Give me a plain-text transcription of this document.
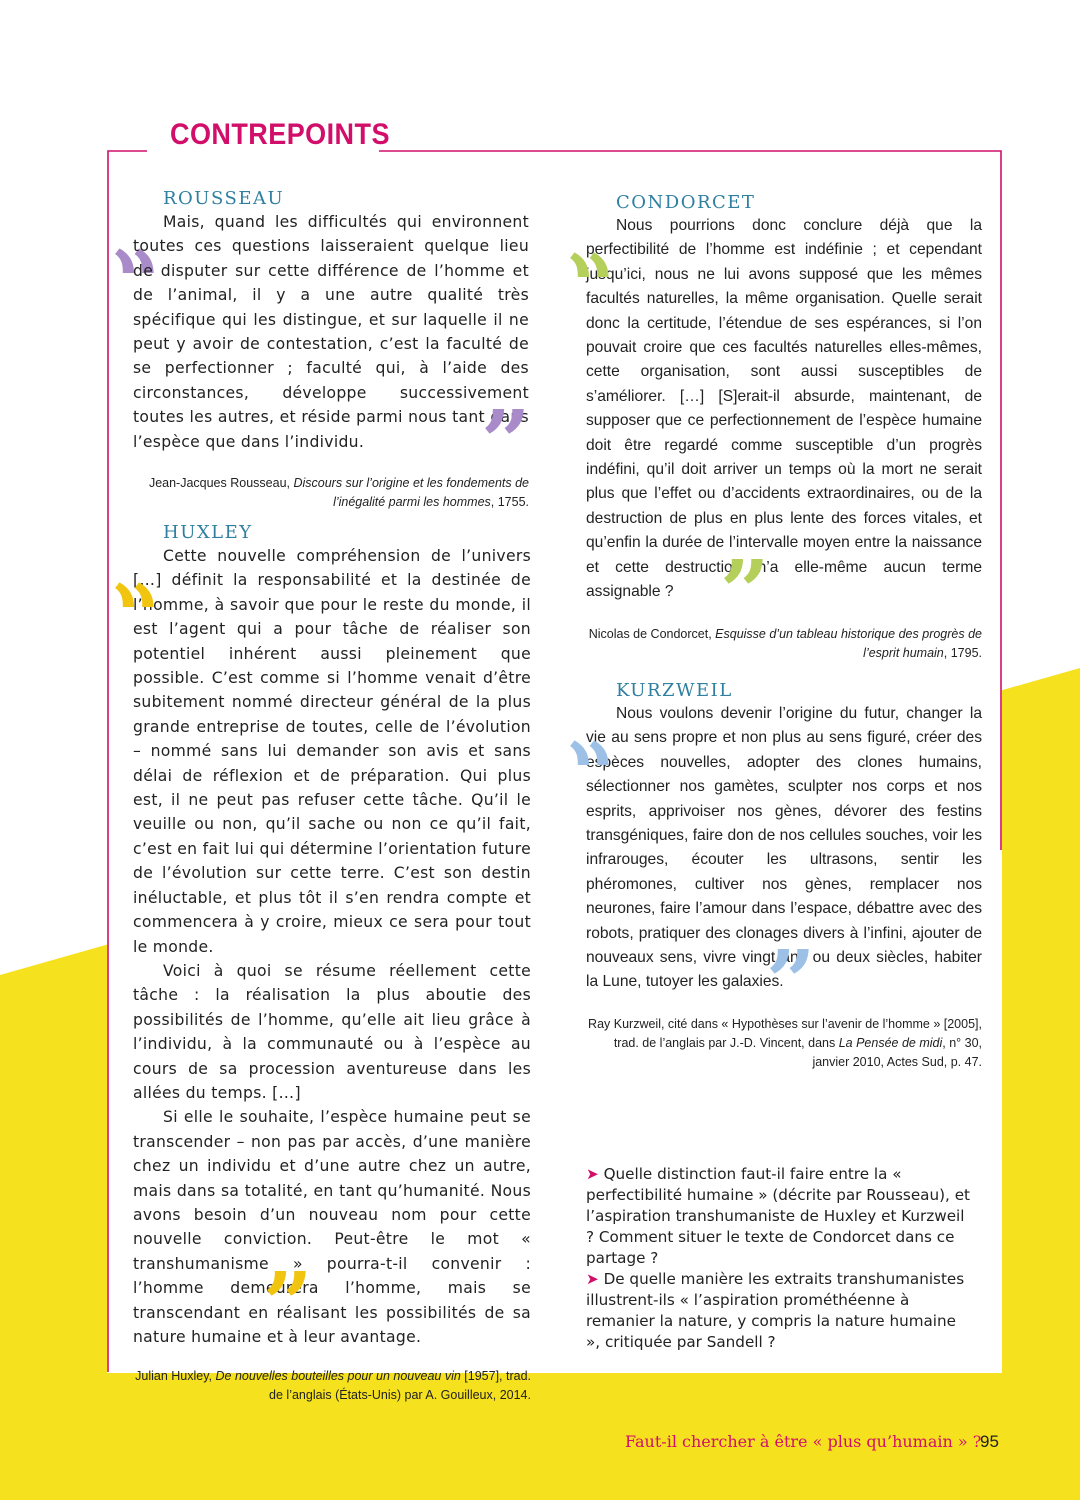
CONTREPOINTS
” ROUSSEAU
Mais, quand les difficultés qui environnent toutes ces questions laisseraient quelque lieu de disputer sur cette différence de l’homme et de l’animal, il y a une autre qualité très spécifique qui les distingue, et sur laquelle il ne peut y avoir de contestation, c’est la faculté de se perfectionner ; faculté qui, à l’aide des circonstances, développe successivement toutes les autres, et réside parmi nous tant dans l’espèce que dans l’individu.	”
Jean-Jacques Rousseau, Discours sur l’origine et les fondements de l’inégalité parmi les hommes, 1755.
” HUXLEY

Cette nouvelle compréhension de l’univers […] définit la responsabilité et la destinée de l’homme, à savoir que pour le reste du monde, il est l’agent qui a pour tâche de réaliser son potentiel inhérent aussi pleinement que possible. C’est comme si l’homme venait d’être subitement nommé directeur général de la plus grande entreprise de toutes, celle de l’évolution – nommé sans lui demander son avis et sans délai de réflexion et de préparation. Qui plus est, il ne peut pas refuser cette tâche. Qu’il le veuille ou non, qu’il sache ou non ce qu’il fait, c’est en fait lui qui détermine l’orientation future de l’évolution sur cette terre. C’est son destin inéluctable, et plus tôt il s’en rendra compte et commencera à y croire, mieux ce sera pour tout le monde.

Voici à quoi se résume réellement cette tâche : la réalisation la plus aboutie des possibilités de l’homme, qu’elle ait lieu grâce à l’individu, à la communauté ou à l’espèce au cours de sa procession aventureuse dans les allées du temps. […]

Si elle le souhaite, l’espèce humaine peut se transcender – non pas par accès, d’une manière chez un individu et d’une autre chez un autre, mais dans sa totalité, en tant qu’humanité. Nous avons besoin d’un nouveau nom pour cette nouvelle conviction. Peut-être le mot « transhumanisme » pourra-t-il convenir : l’homme demeurera l’homme, mais se transcendant en réalisant les possibilités de sa nature humaine et à leur avantage.

”
Julian Huxley, De nouvelles bouteilles pour un nouveau vin [1957], trad. de l’anglais (États-Unis) par A. Gouilleux, 2014.
” CONDORCET
Nous pourrions donc conclure déjà que la perfectibilité de l’homme est indéfinie ; et cependant jusqu’ici, nous ne lui avons supposé que les mêmes facultés naturelles, la même organisation. Quelle serait donc la certitude, l’étendue de ses espérances, si l’on pouvait croire que ces facultés naturelles elles-mêmes, cette organisation, sont aussi susceptibles de s’améliorer. […] [S]erait-il absurde, maintenant, de supposer que ce perfectionnement de l’espèce humaine doit être regardé comme susceptible d’un progrès indéfini, qu’il doit arriver un temps où la mort ne serait plus que l’effet ou d’accidents extraordinaires, ou de la destruction de plus en plus lente des forces vitales, et qu’enfin la durée de l’intervalle moyen entre la naissance et cette destruction n’a elle-même aucun terme assignable ? ”
Nicolas de Condorcet, Esquisse d’un tableau historique des progrès de l’esprit humain, 1795.
” KURZWEIL
Nous voulons devenir l’origine du futur, changer la vie au sens propre et non plus au sens figuré, créer des espèces nouvelles, adopter des clones humains, sélectionner nos gamètes, sculpter nos corps et nos esprits, apprivoiser nos gènes, dévorer des festins transgéniques, faire don de nos cellules souches, voir les infrarouges, écouter les ultrasons, sentir les phéromones, cultiver nos gènes, remplacer nos neurones, faire l’amour dans l’espace, débattre avec des robots, pratiquer des clonages divers à l’infini, ajouter de nouveaux sens, vivre vingt ans ou deux siècles, habiter la Lune, tutoyer les galaxies.
”
Ray Kurzweil, cité dans « Hypothèses sur l’avenir de l’homme » [2005], trad. de l’anglais par J.-D. Vincent, dans La Pensée de midi, n° 30, janvier 2010, Actes Sud, p. 47.

➤ Quelle distinction faut-il faire entre la « perfectibilité humaine » (décrite par Rousseau), et l’aspiration transhumaniste de Huxley et Kurzweil ? Comment situer le texte de Condorcet dans ce partage ?

➤ De quelle manière les extraits transhumanistes illustrent-ils « l’aspiration prométhéenne à remanier la nature, y compris la nature humaine », critiquée par Sandell ?

Faut-il chercher à être « plus qu’humain » ?
95
